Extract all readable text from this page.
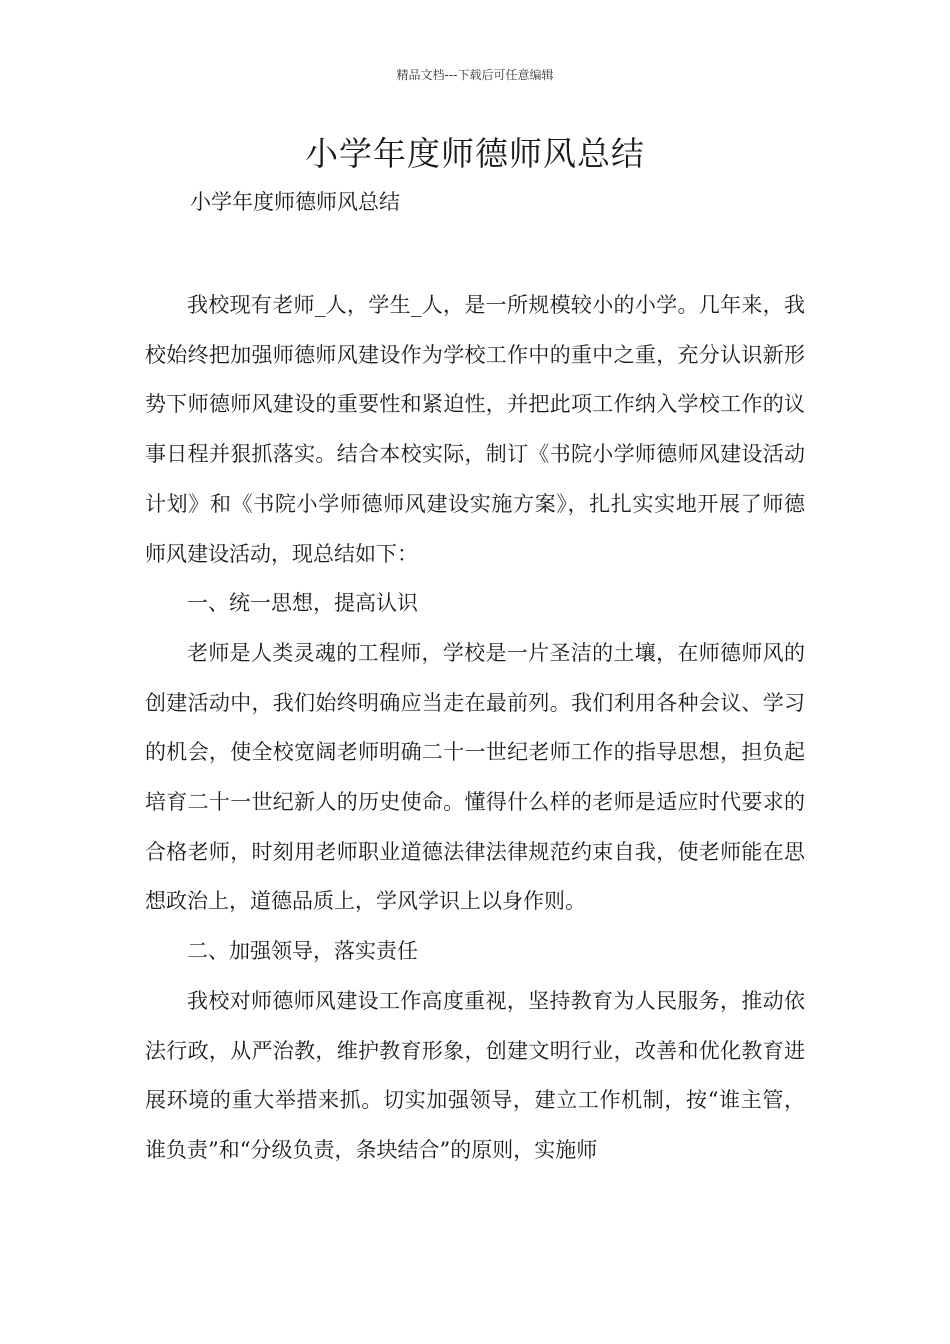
精品文档---下载后可任意编辑
小学年度师德师风总结
小学年度师德师风总结

我校现有老师_人，学生_人，是一所规模较小的小学。几年来，我校始终把加强师德师风建设作为学校工作中的重中之重，充分认识新形势下师德师风建设的重要性和紧迫性，并把此项工作纳入学校工作的议事日程并狠抓落实。结合本校实际，制订《书院小学师德师风建设活动计划》和《书院小学师德师风建设实施方案》，扎扎实实地开展了师德师风建设活动，现总结如下：

一、统一思想，提高认识

老师是人类灵魂的工程师，学校是一片圣洁的土壤，在师德师风的创建活动中，我们始终明确应当走在最前列。我们利用各种会议、学习的机会，使全校宽阔老师明确二十一世纪老师工作的指导思想，担负起培育二十一世纪新人的历史使命。懂得什么样的老师是适应时代要求的合格老师，时刻用老师职业道德法律法律规范约束自我，使老师能在思想政治上，道德品质上，学风学识上以身作则。

二、加强领导，落实责任

我校对师德师风建设工作高度重视，坚持教育为人民服务，推动依法行政，从严治教，维护教育形象，创建文明行业，改善和优化教育进展环境的重大举措来抓。切实加强领导，建立工作机制，按“谁主管，谁负责”和“分级负责，条块结合”的原则，实施师
